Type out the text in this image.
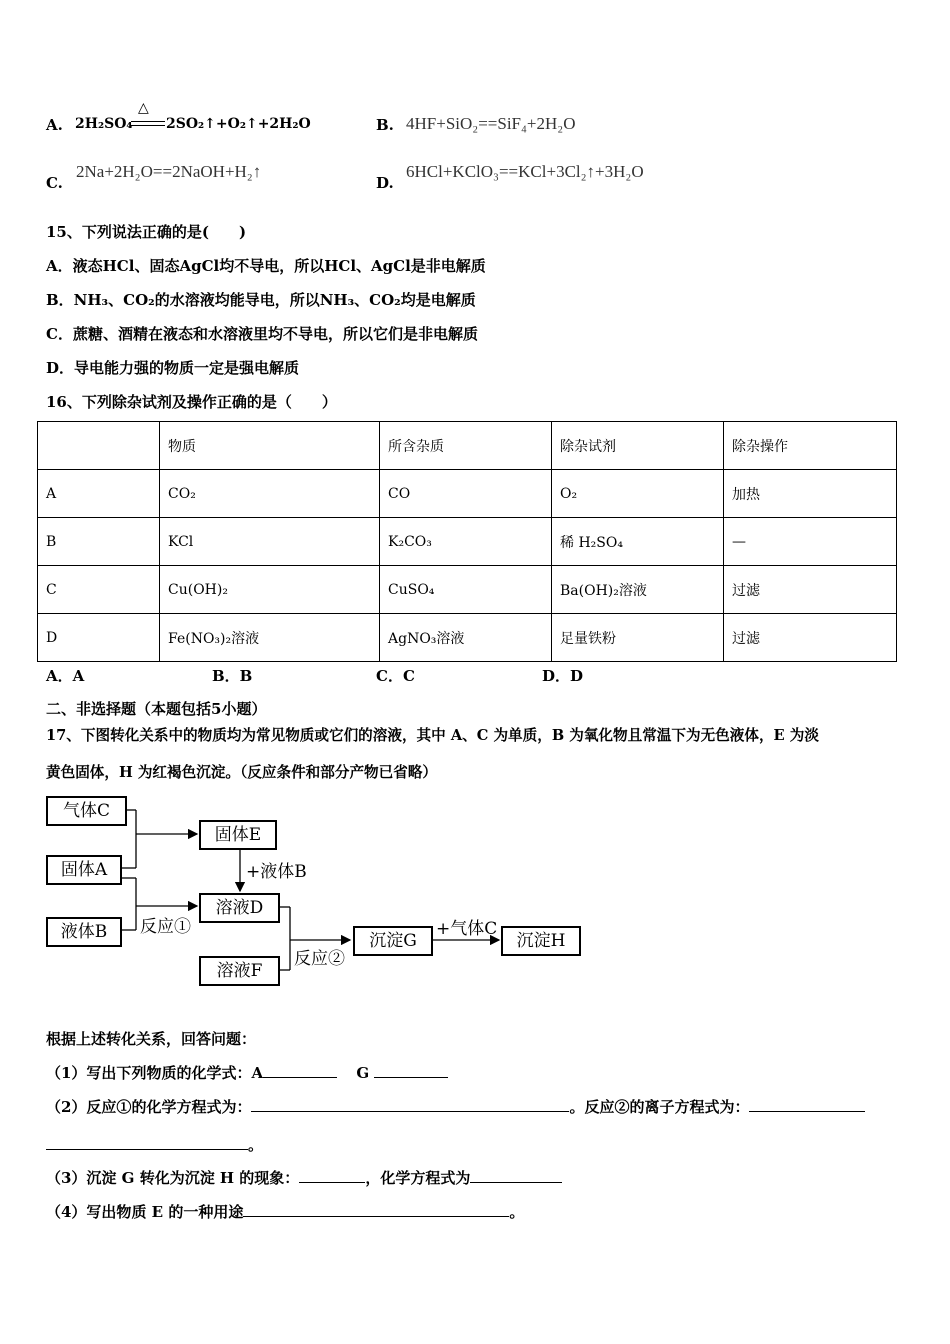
A. 2H₂SO₄
△
2SO₂↑+O₂↑+2H₂O	B. 4HF+SiO₂==SiF₄+2H₂O
C.
2Na+2H₂O==2NaOH+H₂↑
D.
6HCl+KClO₃==KCl+3Cl₂↑+3H₂O
15、下列说法正确的是(　　)
A．液态HCl、固态AgCl均不导电，所以HCl、AgCl是非电解质
B．NH₃、CO₂的水溶液均能导电，所以NH₃、CO₂均是电解质
C．蔗糖、酒精在液态和水溶液里均不导电，所以它们是非电解质
D．导电能力强的物质一定是强电解质
16、下列除杂试剂及操作正确的是（　　）
	物质	所含杂质	除杂试剂	除杂操作
A	CO₂	CO	O₂	加热
B	KCl	K₂CO₃	稀 H₂SO₄	—
C	Cu(OH)₂	CuSO₄	Ba(OH)₂溶液	过滤
D	Fe(NO₃)₂溶液	AgNO₃溶液	足量铁粉	过滤
A．A	B．B	C．C	D．D
二、非选择题（本题包括5小题）
17、下图转化关系中的物质均为常见物质或它们的溶液，其中 A、C 为单质，B 为氧化物且常温下为无色液体，E 为淡
黄色固体，H 为红褐色沉淀。（反应条件和部分产物已省略）
气体C
固体A
液体B
固体E
+液体B
溶液D
反应①
溶液F
反应②
沉淀G
+气体C
沉淀H
根据上述转化关系，回答问题：
（1）写出下列物质的化学式：A	G
（2）反应①的化学方程式为：	。反应②的离子方程式为：
。
（3）沉淀 G 转化为沉淀 H 的现象：	，化学方程式为
（4）写出物质 E 的一种用途	。
